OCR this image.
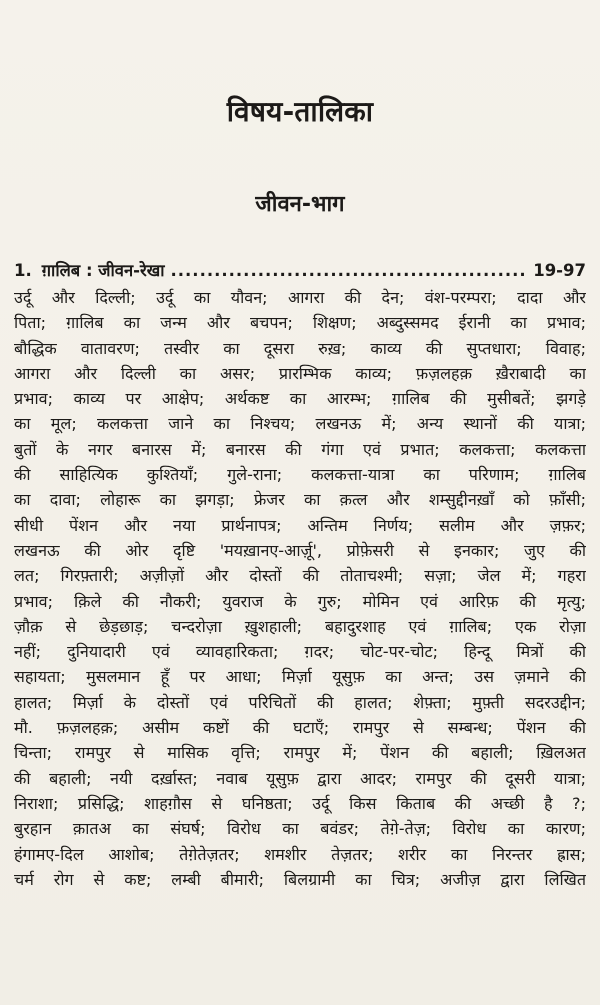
विषय-तालिका
जीवन-भाग
1. ग़ालिब : जीवन-रेखा
.....	19-97
उर्दू और दिल्ली; उर्दू का यौवन; आगरा की देन; वंश-परम्परा; दादा और
पिता; ग़ालिब का जन्म और बचपन; शिक्षण; अब्दुस्समद ईरानी का प्रभाव;
बौद्धिक वातावरण; तस्वीर का दूसरा रुख़; काव्य की सुप्तधारा; विवाह;
आगरा और दिल्ली का असर; प्रारम्भिक काव्य; फ़ज़लहक़ ख़ैराबादी का
प्रभाव; काव्य पर आक्षेप; अर्थकष्ट का आरम्भ; ग़ालिब की मुसीबतें; झगड़े
का मूल; कलकत्ता जाने का निश्चय; लखनऊ में; अन्य स्थानों की यात्रा;
बुतों के नगर बनारस में; बनारस की गंगा एवं प्रभात; कलकत्ता; कलकत्ता
की साहित्यिक कुश्तियाँ; गुले-राना; कलकत्ता-यात्रा का परिणाम; ग़ालिब
का दावा; लोहारू का झगड़ा; फ्रेजर का क़त्ल और शम्सुद्दीनख़ाँ को फ़ाँसी;
सीधी पेंशन और नया प्रार्थनापत्र; अन्तिम निर्णय; सलीम और ज़फ़र;
लखनऊ की ओर दृष्टि 'मयख़ानए-आर्ज़ू', प्रोफ़ेसरी से इनकार; जुए की
लत; गिरफ़्तारी; अज़ीज़ों और दोस्तों की तोताचश्मी; सज़ा; जेल में; गहरा
प्रभाव; क़िले की नौकरी; युवराज के गुरु; मोमिन एवं आरिफ़ की मृत्यु;
ज़ौक़ से छेड़छाड़; चन्दरोज़ा ख़ुशहाली; बहादुरशाह एवं ग़ालिब; एक रोज़ा
नहीं; दुनियादारी एवं व्यावहारिकता; ग़दर; चोट-पर-चोट; हिन्दू मित्रों की
सहायता; मुसलमान हूँ पर आधा; मिर्ज़ा यूसुफ़ का अन्त; उस ज़माने की
हालत; मिर्ज़ा के दोस्तों एवं परिचितों की हालत; शेफ़्ता; मुफ़्ती सदरउद्दीन;
मौ. फ़ज़लहक़; असीम कष्टों की घटाएँ; रामपुर से सम्बन्ध; पेंशन की
चिन्ता; रामपुर से मासिक वृत्ति; रामपुर में; पेंशन की बहाली; ख़िलअत
की बहाली; नयी दर्ख़ास्त; नवाब यूसुफ़ द्वारा आदर; रामपुर की दूसरी यात्रा;
निराशा; प्रसिद्धि; शाहग़ौस से घनिष्ठता; उर्दू किस किताब की अच्छी है ?;
बुरहान क़ातअ का संघर्ष; विरोध का बवंडर; तेग़े-तेज़; विरोध का कारण;
हंगामए-दिल आशोब; तेग़ेतेज़तर; शमशीर तेज़तर; शरीर का निरन्तर ह्रास;
चर्म रोग से कष्ट; लम्बी बीमारी; बिलग्रामी का चित्र; अजीज़ द्वारा लिखित
